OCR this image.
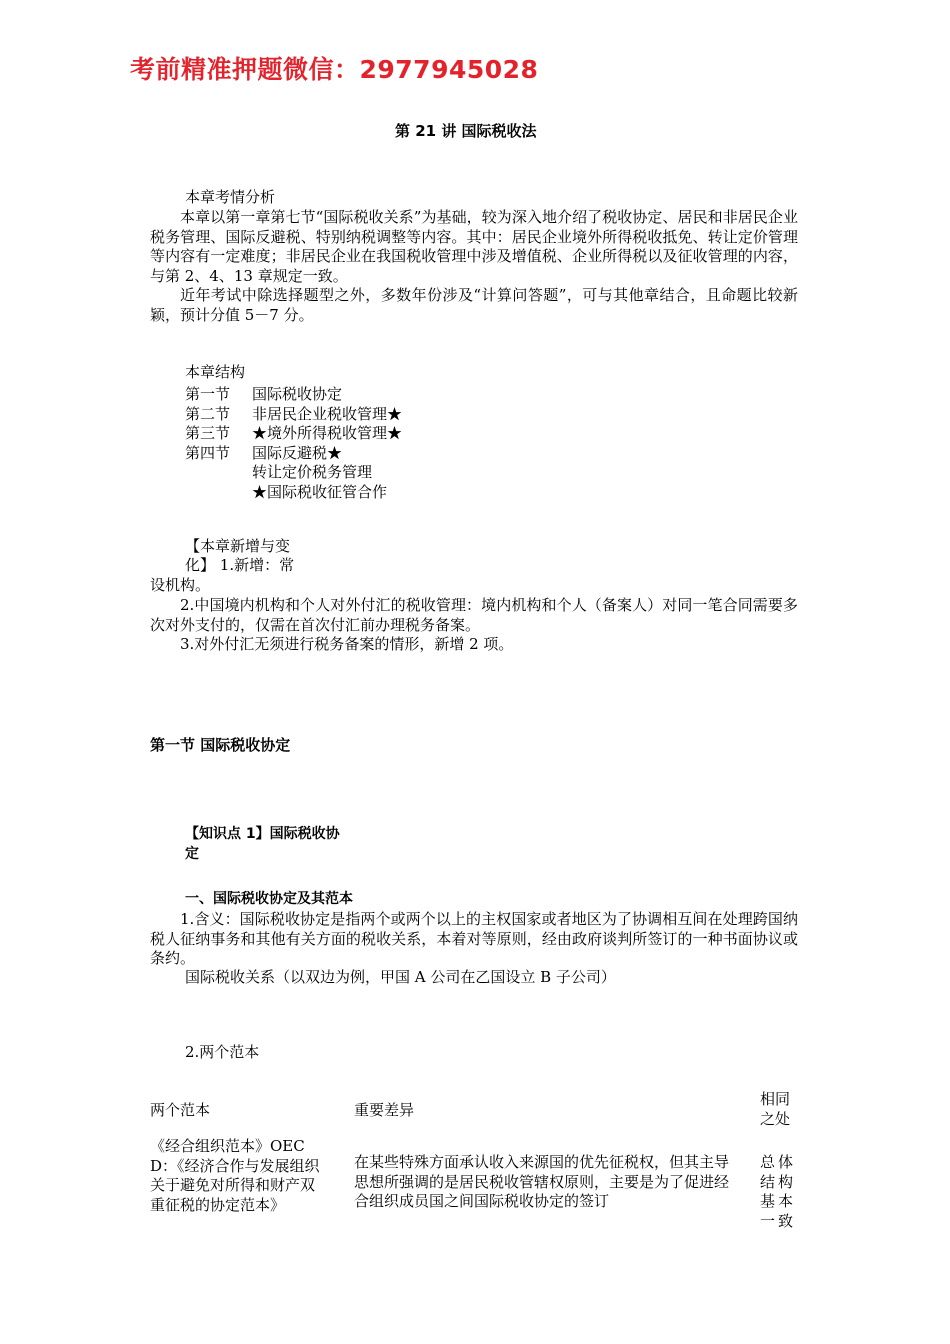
考前精准押题微信：2977945028
第 21 讲 国际税收法
本章考情分析
本章以第一章第七节“国际税收关系”为基础，较为深入地介绍了税收协定、居民和非居民企业税务管理、国际反避税、特别纳税调整等内容。其中：居民企业境外所得税收抵免、转让定价管理等内容有一定难度；非居民企业在我国税收管理中涉及增值税、企业所得税以及征收管理的内容，与第 2、4、13 章规定一致。
近年考试中除选择题型之外，多数年份涉及“计算问答题”，可与其他章结合，且命题比较新颖，预计分值 5－7 分。
本章结构
第一节第二节第三节第四节
国际税收协定
非居民企业税收管理★
★境外所得税收管理★
国际反避税★
转让定价税务管理
★国际税收征管合作
【本章新增与变
化】 1.新增：常
设机构。
2.中国境内机构和个人对外付汇的税收管理：境内机构和个人（备案人）对同一笔合同需要多次对外支付的，仅需在首次付汇前办理税务备案。
3.对外付汇无须进行税务备案的情形，新增 2 项。
第一节 国际税收协定
【知识点 1】国际税收协
定
一、国际税收协定及其范本
1.含义：国际税收协定是指两个或两个以上的主权国家或者地区为了协调相互间在处理跨国纳税人征纳事务和其他有关方面的税收关系，本着对等原则，经由政府谈判所签订的一种书面协议或条约。
国际税收关系（以双边为例，甲国 A 公司在乙国设立 B 子公司）
2.两个范本
两个范本	重要差异
相同之处
《经合组织范本》OECD：《经济合作与发展组织关于避免对所得和财产双重征税的协定范本》
在某些特殊方面承认收入来源国的优先征税权，但其主导思想所强调的是居民税收管辖权原则，主要是为了促进经合组织成员国之间国际税收协定的签订
总体结构基本一致
